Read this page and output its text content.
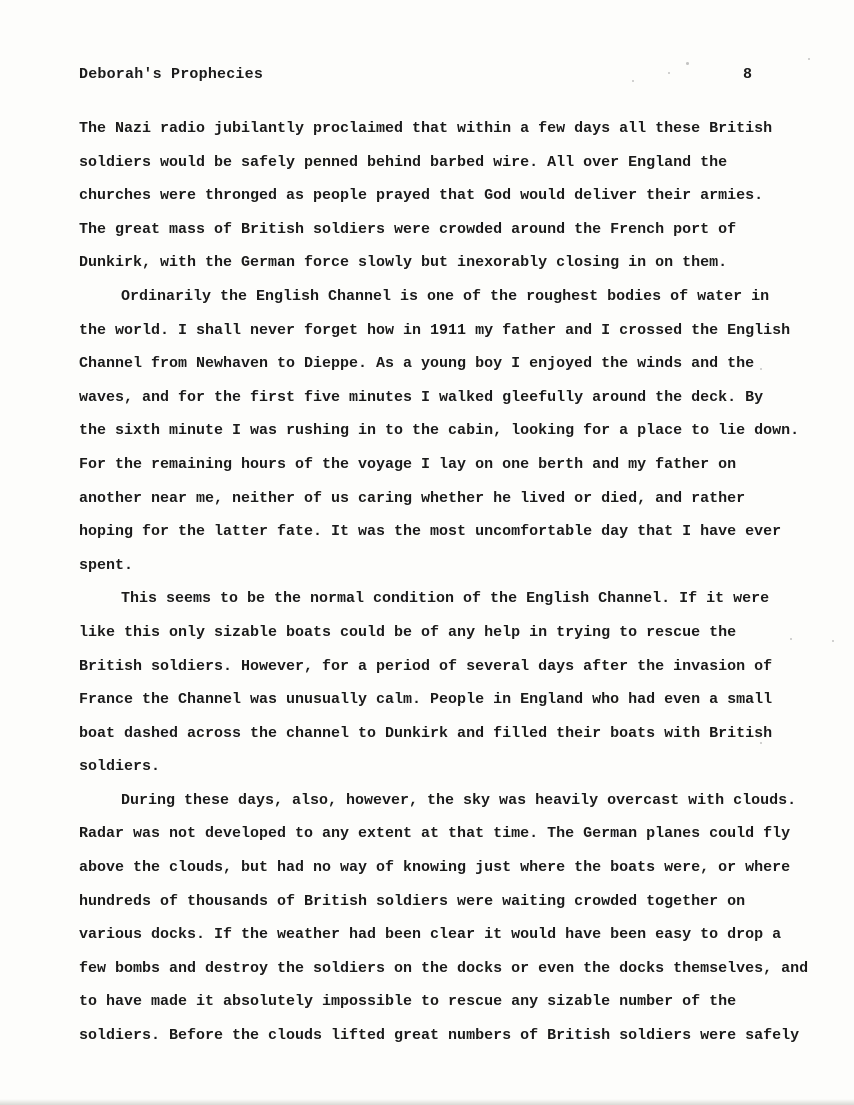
Deborah's Prophecies	8
The Nazi radio jubilantly proclaimed that within a few days all these British
soldiers would be safely penned behind barbed wire. All over England the
churches were thronged as people prayed that God would deliver their armies.
The great mass of British soldiers were crowded around the French port of
Dunkirk, with the German force slowly but inexorably closing in on them.
Ordinarily the English Channel is one of the roughest bodies of water in
the world. I shall never forget how in 1911 my father and I crossed the English
Channel from Newhaven to Dieppe. As a young boy I enjoyed the winds and the
waves, and for the first five minutes I walked gleefully around the deck. By
the sixth minute I was rushing in to the cabin, looking for a place to lie down.
For the remaining hours of the voyage I lay on one berth and my father on
another near me, neither of us caring whether he lived or died, and rather
hoping for the latter fate. It was the most uncomfortable day that I have ever
spent.
This seems to be the normal condition of the English Channel. If it were
like this only sizable boats could be of any help in trying to rescue the
British soldiers. However, for a period of several days after the invasion of
France the Channel was unusually calm. People in England who had even a small
boat dashed across the channel to Dunkirk and filled their boats with British
soldiers.
During these days, also, however, the sky was heavily overcast with clouds.
Radar was not developed to any extent at that time. The German planes could fly
above the clouds, but had no way of knowing just where the boats were, or where
hundreds of thousands of British soldiers were waiting crowded together on
various docks. If the weather had been clear it would have been easy to drop a
few bombs and destroy the soldiers on the docks or even the docks themselves, and
to have made it absolutely impossible to rescue any sizable number of the
soldiers. Before the clouds lifted great numbers of British soldiers were safely
